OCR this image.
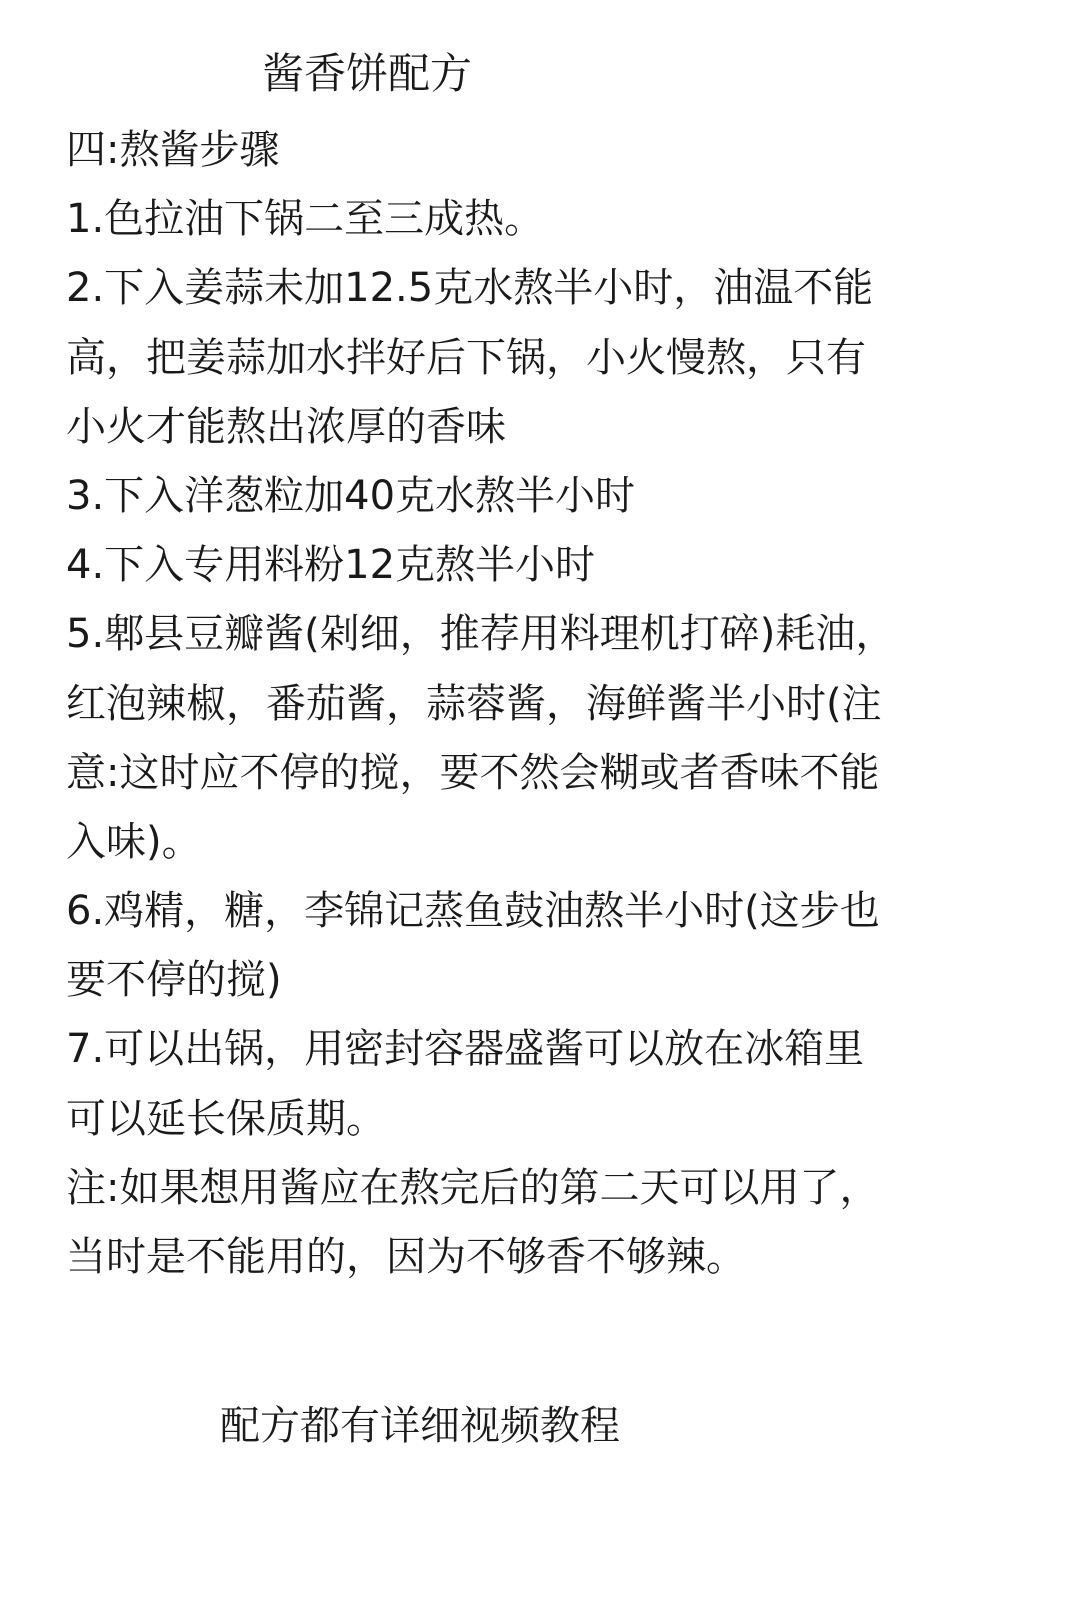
酱香饼配方
四:熬酱步骤
1.色拉油下锅二至三成热。
2.下入姜蒜未加12.5克水熬半小时，油温不能
高，把姜蒜加水拌好后下锅，小火慢熬，只有
小火才能熬出浓厚的香味
3.下入洋葱粒加40克水熬半小时
4.下入专用料粉12克熬半小时
5.郫县豆瓣酱(剁细，推荐用料理机打碎)耗油，
红泡辣椒，番茄酱，蒜蓉酱，海鲜酱半小时(注
意:这时应不停的搅，要不然会糊或者香味不能
入味)。
6.鸡精，糖，李锦记蒸鱼鼓油熬半小时(这步也
要不停的搅)
7.可以出锅，用密封容器盛酱可以放在冰箱里
可以延长保质期。
注:如果想用酱应在熬完后的第二天可以用了，
当时是不能用的，因为不够香不够辣。
配方都有详细视频教程
